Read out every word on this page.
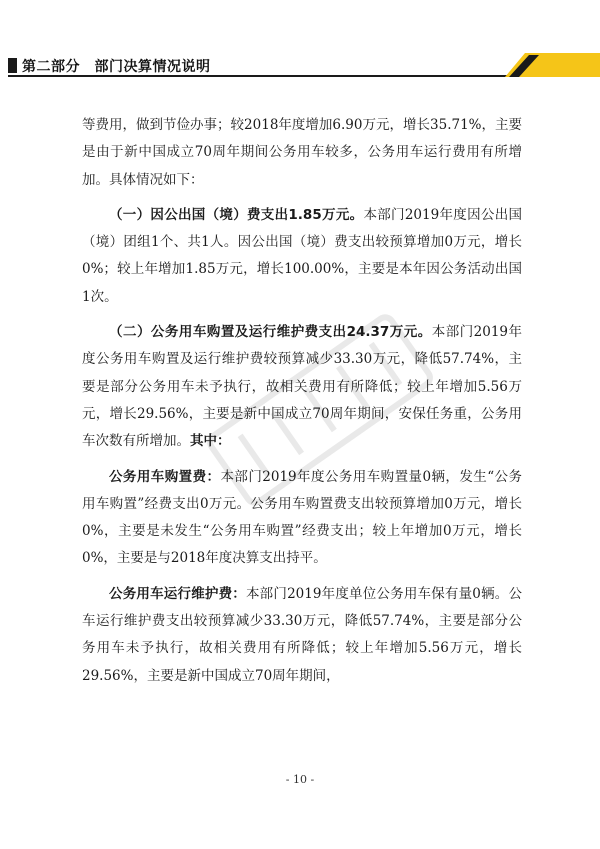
第二部分　部门决算情况说明

等费用，做到节俭办事；较2018年度增加6.90万元，增长35.71%，主要是由于新中国成立70周年期间公务用车较多，公务用车运行费用有所增加。具体情况如下：

（一）因公出国（境）费支出1.85万元。本部门2019年度因公出国（境）团组1个、共1人。因公出国（境）费支出较预算增加0万元，增长0%；较上年增加1.85万元，增长100.00%，主要是本年因公务活动出国1次。

（二）公务用车购置及运行维护费支出24.37万元。本部门2019年度公务用车购置及运行维护费较预算减少33.30万元，降低57.74%，主要是部分公务用车未予执行，故相关费用有所降低；较上年增加5.56万元，增长29.56%，主要是新中国成立70周年期间，安保任务重，公务用车次数有所增加。其中：

公务用车购置费：本部门2019年度公务用车购置量0辆，发生“公务用车购置”经费支出0万元。公务用车购置费支出较预算增加0万元，增长0%，主要是未发生“公务用车购置”经费支出；较上年增加0万元，增长0%，主要是与2018年度决算支出持平。

公务用车运行维护费：本部门2019年度单位公务用车保有量0辆。公车运行维护费支出较预算减少33.30万元，降低57.74%，主要是部分公务用车未予执行，故相关费用有所降低；较上年增加5.56万元，增长29.56%，主要是新中国成立70周年期间，

- 10 -
